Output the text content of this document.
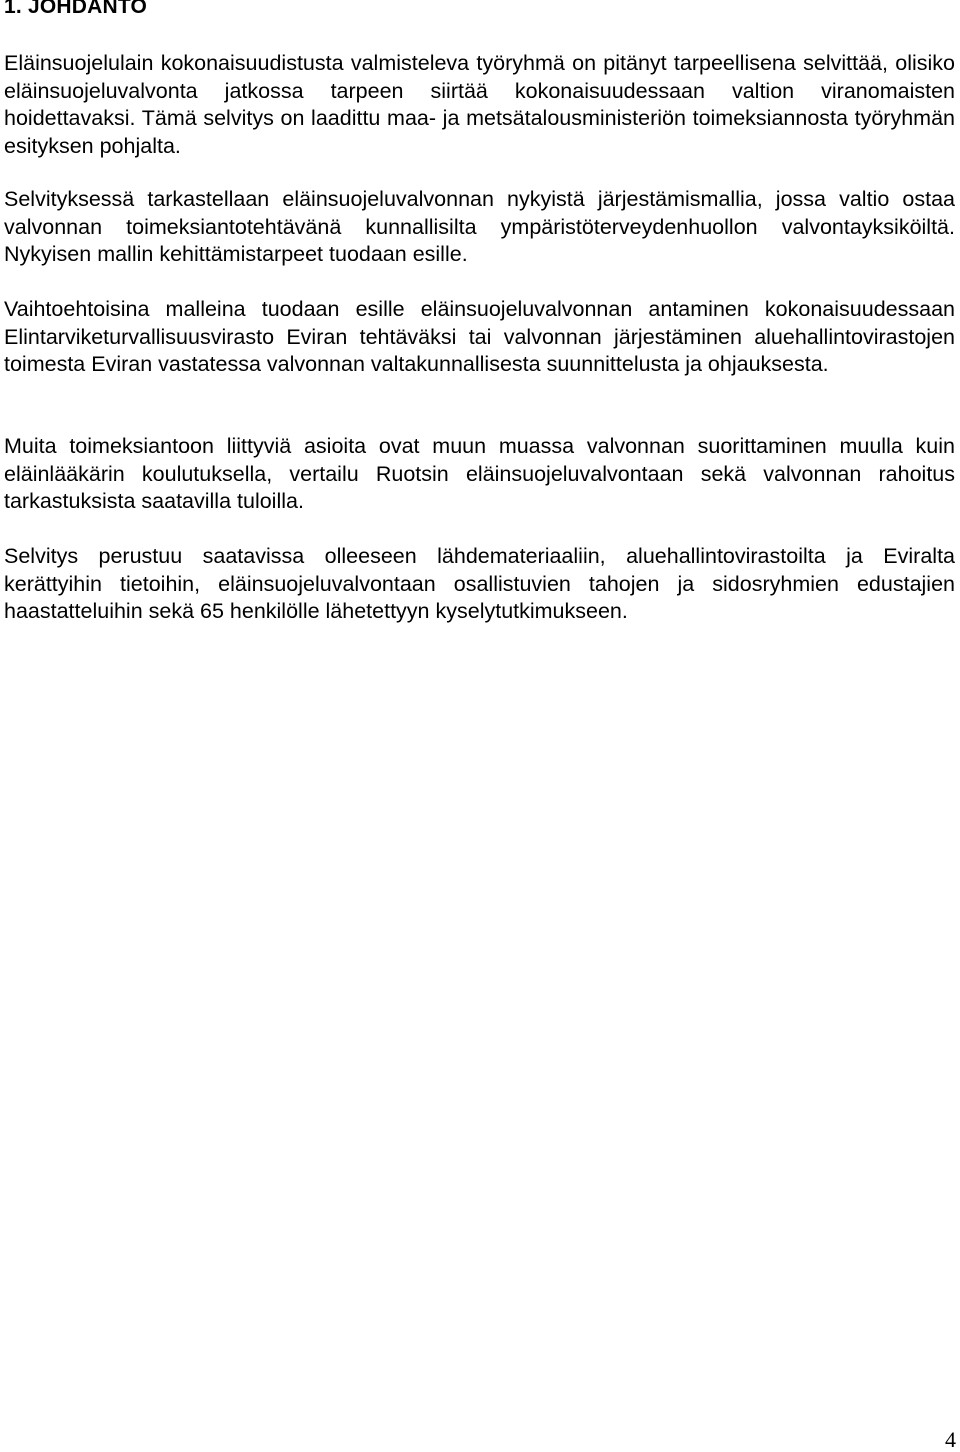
1. JOHDANTO

Eläinsuojelulain kokonaisuudistusta valmisteleva työryhmä on pitänyt tarpeellisena selvittää, olisiko eläinsuojeluvalvonta jatkossa tarpeen siirtää kokonaisuudessaan valtion viranomaisten hoidettavaksi. Tämä selvitys on laadittu maa- ja metsätalousministeriön toimeksiannosta työryhmän esityksen pohjalta.

Selvityksessä tarkastellaan eläinsuojeluvalvonnan nykyistä järjestämismallia, jossa valtio ostaa valvonnan toimeksiantotehtävänä kunnallisilta ympäristöterveydenhuollon valvontayksiköiltä. Nykyisen mallin kehittämistarpeet tuodaan esille.

Vaihtoehtoisina malleina tuodaan esille eläinsuojeluvalvonnan antaminen kokonaisuudessaan Elintarviketurvallisuusvirasto Eviran tehtäväksi tai valvonnan järjestäminen aluehallintovirastojen toimesta Eviran vastatessa valvonnan valtakunnallisesta suunnittelusta ja ohjauksesta.

Muita toimeksiantoon liittyviä asioita ovat muun muassa valvonnan suorittaminen muulla kuin eläinlääkärin koulutuksella, vertailu Ruotsin eläinsuojeluvalvontaan sekä valvonnan rahoitus tarkastuksista saatavilla tuloilla.

Selvitys perustuu saatavissa olleeseen lähdemateriaaliin, aluehallintovirastoilta ja Eviralta kerättyihin tietoihin, eläinsuojeluvalvontaan osallistuvien tahojen ja sidosryhmien edustajien haastatteluihin sekä 65 henkilölle lähetettyyn kyselytutkimukseen.

4
